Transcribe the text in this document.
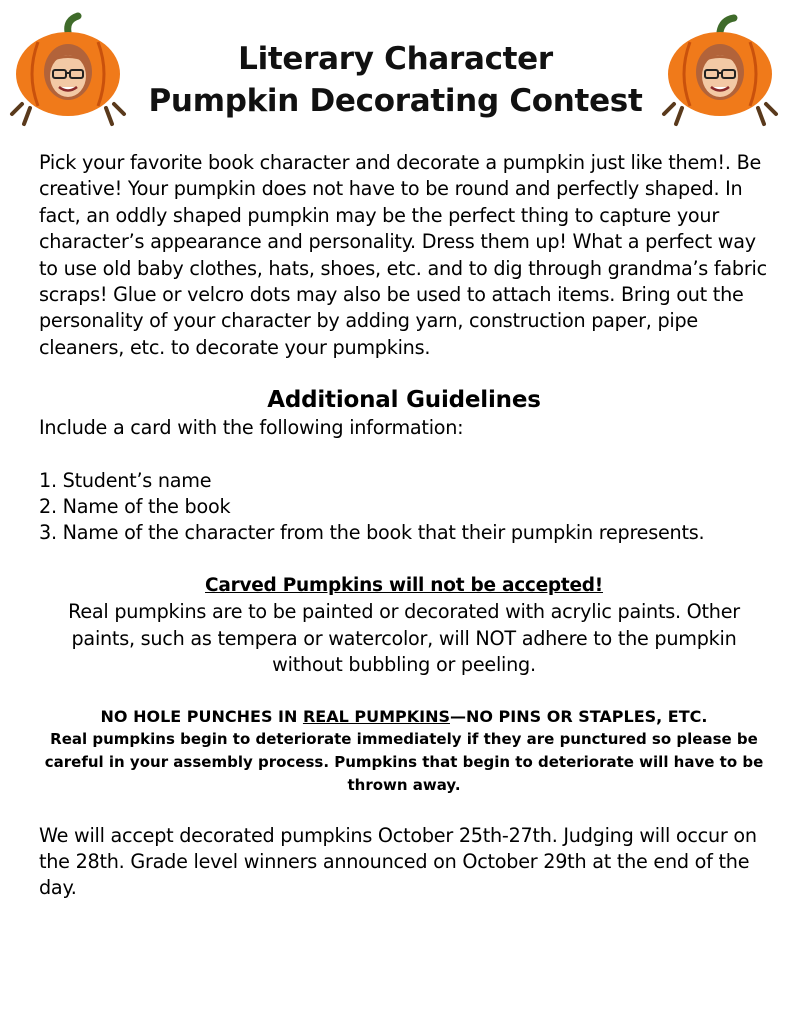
Literary Character
Pumpkin Decorating Contest

Pick your favorite book character and decorate a pumpkin just like them!. Be creative! Your pumpkin does not have to be round and perfectly shaped. In fact, an oddly shaped pumpkin may be the perfect thing to capture your character’s appearance and personality. Dress them up! What a perfect way to use old baby clothes, hats, shoes, etc. and to dig through grandma’s fabric scraps! Glue or velcro dots may also be used to attach items. Bring out the personality of your character by adding yarn, construction paper, pipe cleaners, etc. to decorate your pumpkins.

Additional Guidelines

Include a card with the following information:

1. Student’s name

2. Name of the book

3. Name of the character from the book that their pumpkin represents.

Carved Pumpkins will not be accepted!

Real pumpkins are to be painted or decorated with acrylic paints. Other paints, such as tempera or watercolor, will NOT adhere to the pumpkin without bubbling or peeling.

NO HOLE PUNCHES IN REAL PUMPKINS—NO PINS OR STAPLES, ETC.
Real pumpkins begin to deteriorate immediately if they are punctured so please be careful in your assembly process. Pumpkins that begin to deteriorate will have to be thrown away.

We will accept decorated pumpkins October 25th-27th. Judging will occur on the 28th. Grade level winners announced on October 29th at the end of the day.
